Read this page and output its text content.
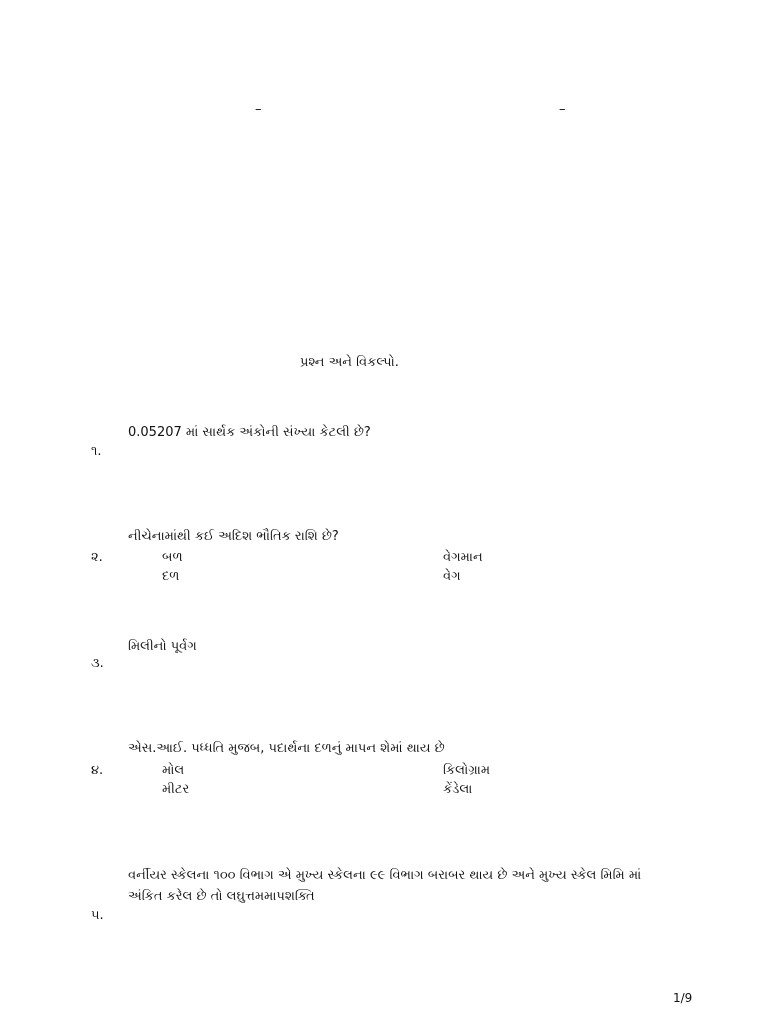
–	–
પ્રશ્ન અને વિકલ્પો.
0.05207 માં સાર્થક અંકોની સંખ્યા કેટલી છે?
૧.
નીચેનામાંથી કઈ અદિશ ભૌતિક રાશિ છે?
૨.	બળ	વેગમાન
દળ	વેગ
મિલીનો પૂર્વગ
૩.
એસ.આઈ. પધ્ધતિ મુજબ, પદાર્થના દળનું માપન શેમાં થાય છે
૪.	મોલ	કિલોગ્રામ
મીટર	કેંડેલા
વર્નીયર સ્કેલના ૧૦૦ વિભાગ એ મુખ્ય સ્કેલના ૯૯ વિભાગ બરાબર થાય છે અને મુખ્ય સ્કેલ મિમિ માં
અંકિત કરેલ છે તો લઘુત્તમમાપશક્તિ
૫.
1/9
